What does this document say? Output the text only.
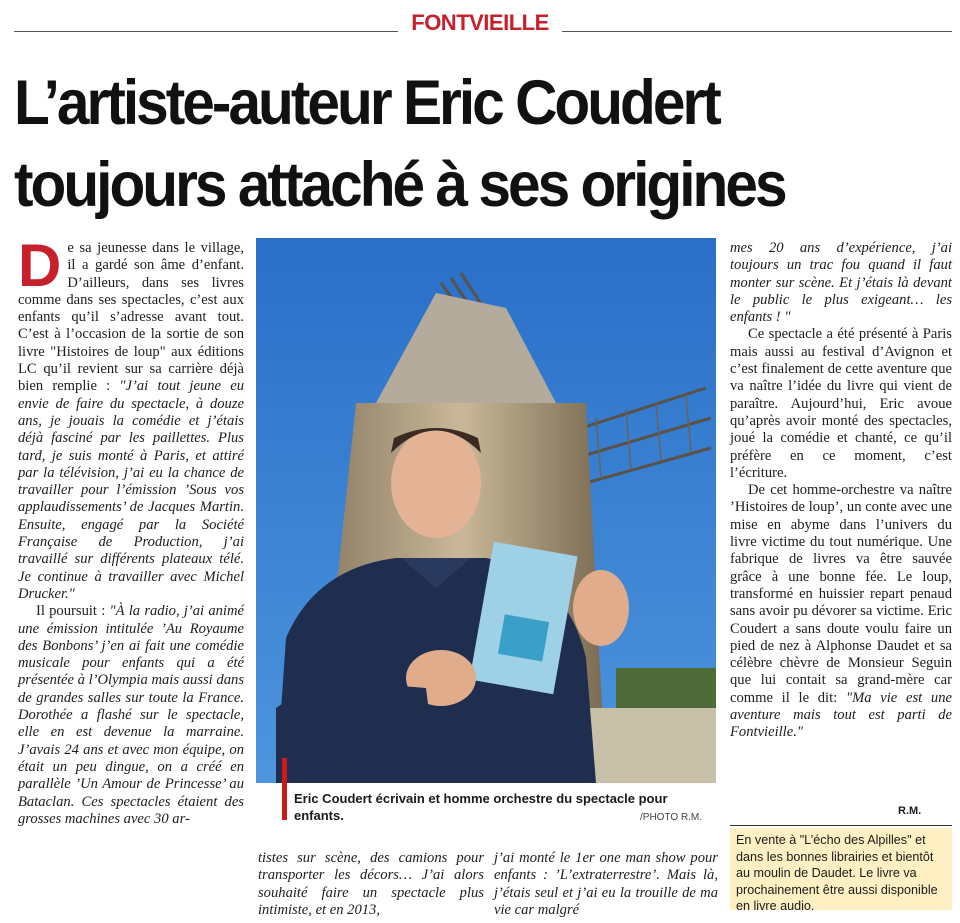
FONTVIEILLE
L’artiste-auteur Eric Coudert
toujours attaché à ses origines

De sa jeunesse dans le village, il a gardé son âme d’enfant. D’ailleurs, dans ses livres comme dans ses spectacles, c’est aux enfants qu’il s’adresse avant tout. C’est à l’occasion de la sortie de son livre "Histoires de loup" aux éditions LC qu’il revient sur sa carrière déjà bien remplie : "J’ai tout jeune eu envie de faire du spectacle, à douze ans, je jouais la comédie et j’étais déjà fasciné par les paillettes. Plus tard, je suis monté à Paris, et attiré par la télévision, j’ai eu la chance de travailler pour l’émission ’Sous vos applaudissements’ de Jacques Martin. Ensuite, engagé par la Société Française de Production, j’ai travaillé sur différents plateaux télé. Je continue à travailler avec Michel Drucker."

Il poursuit : "À la radio, j’ai animé une émission intitulée ’Au Royaume des Bonbons’ j’en ai fait une comédie musicale pour enfants qui a été présentée à l’Olympia mais aussi dans de grandes salles sur toute la France. Dorothée a flashé sur le spectacle, elle en est devenue la marraine. J’avais 24 ans et avec mon équipe, on était un peu dingue, on a créé en parallèle ’Un Amour de Princesse’ au Bataclan. Ces spectacles étaient des grosses machines avec 30 ar-

Eric Coudert écrivain et homme orchestre du spectacle pour enfants.	/PHOTO R.M.

tistes sur scène, des camions pour transporter les décors… J’ai alors souhaité faire un spectacle plus intimiste, et en 2013,

j’ai monté le 1er one man show pour enfants : ’L’extraterrestre’. Mais là, j’étais seul et j’ai eu la trouille de ma vie car malgré

mes 20 ans d’expérience, j’ai toujours un trac fou quand il faut monter sur scène. Et j’étais là devant le public le plus exigeant… les enfants ! "

Ce spectacle a été présenté à Paris mais aussi au festival d’Avignon et c’est finalement de cette aventure que va naître l’idée du livre qui vient de paraître. Aujourd’hui, Eric avoue qu’après avoir monté des spectacles, joué la comédie et chanté, ce qu’il préfère en ce moment, c’est l’écriture.

De cet homme-orchestre va naître ’Histoires de loup’, un conte avec une mise en abyme dans l’univers du livre victime du tout numérique. Une fabrique de livres va être sauvée grâce à une bonne fée. Le loup, transformé en huissier repart penaud sans avoir pu dévorer sa victime. Eric Coudert a sans doute voulu faire un pied de nez à Alphonse Daudet et sa célèbre chèvre de Monsieur Seguin que lui contait sa grand-mère car comme il le dit: "Ma vie est une aventure mais tout est parti de Fontvieille."

R.M.
En vente à "L’écho des Alpilles" et dans les bonnes librairies et bientôt au moulin de Daudet. Le livre va prochainement être aussi disponible en livre audio.
